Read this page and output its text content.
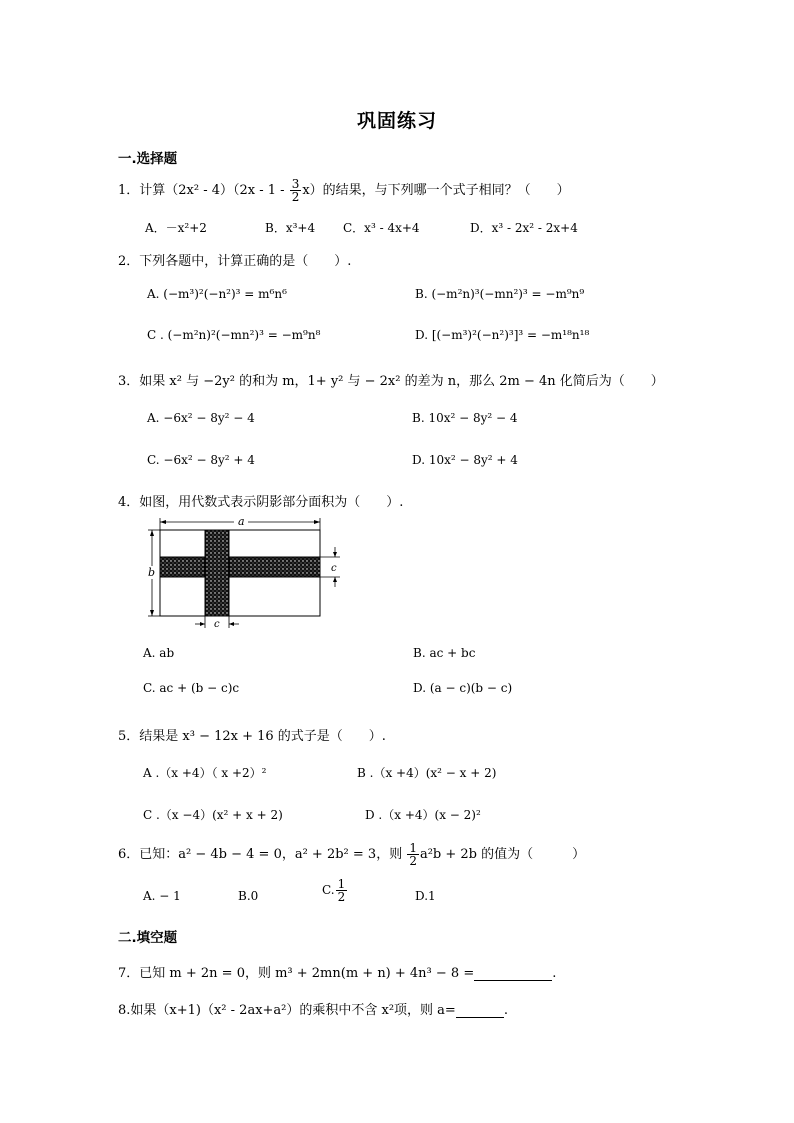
巩固练习
一.选择题
1．计算$(2x^2 - 4)(2x - 1 - \frac{3}{2} x)$的结果，与下列哪一个式子相同？（　　）
A．－x²+2	B．x³+4 C．x³ - 4x+4	D．x³ - 2x² - 2x+4
2．下列各题中，计算正确的是（　　）.
A. (−m³)²(−n²)³ = m⁶n⁶	B. (−m²n)³(−mn²)³ = −m⁹n⁹
C . (−m²n)²(−mn²)³ = −m⁹n⁸	D. [(−m³)²(−n²)³]³ = −m¹⁸n¹⁸
3．如果 x² 与 −2y² 的和为 m，1+ y² 与 − 2x² 的差为 n，那么 2m − 4n 化简后为（　　）
A. −6x² − 8y² − 4	B. 10x² − 8y² − 4
C. −6x² − 8y² + 4	D. 10x² − 8y² + 4
4．如图，用代数式表示阴影部分面积为（　　）.
a
b	c
c
A. ab	B. ac + bc
C. ac + (b − c)c	D. (a − c)(b − c)
5．结果是 x³ − 12x + 16 的式子是（　　）.
A .（x +4）（ x +2）²	B .（x +4）(x² − x + 2)
C .（x −4）(x² + x + 2)	D .（x +4）(x − 2)²
6．已知：a² − 4b − 4 = 0，a² + 2b² = 3，则 $\frac{1}{2} a^2b + 2b$ 的值为（　　　）
A. − 1	B.0	C. $\frac{1}{2}$	D.1
二.填空题
7．已知 m + 2n = 0，则 m³ + 2mn(m + n) + 4n³ − 8 =	.
8.如果（x+1)（x² - 2ax+a²）的乘积中不含 x²项，则 a=	.
